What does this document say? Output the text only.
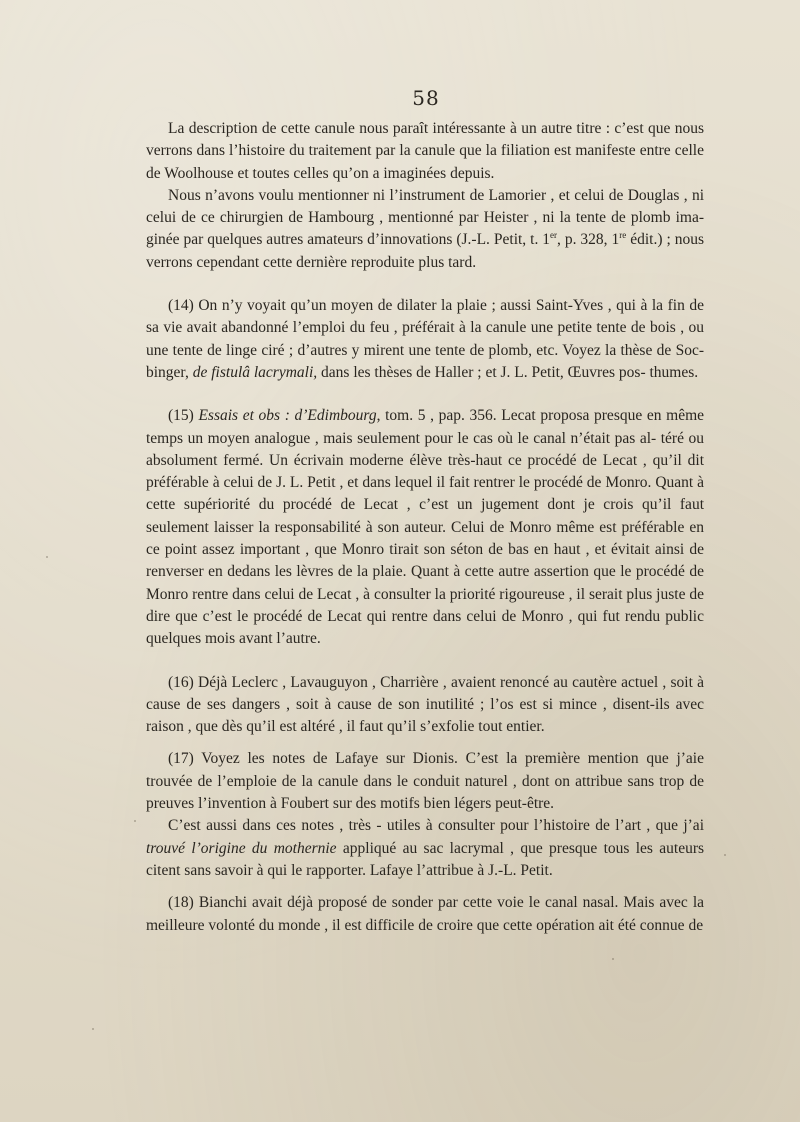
58

La description de cette canule nous paraît intéressante à un autre titre : c’est que nous verrons dans l’histoire du traitement par la canule que la filiation est manifeste entre celle de Woolhouse et toutes celles qu’on a imaginées depuis.

Nous n’avons voulu mentionner ni l’instrument de Lamorier , et celui de Douglas , ni celui de ce chirurgien de Hambourg , mentionné par Heister , ni la tente de plomb ima- ginée par quelques autres amateurs d’innovations (J.-L. Petit, t. 1er, p. 328, 1re édit.) ; nous verrons cependant cette dernière reproduite plus tard.

(14) On n’y voyait qu’un moyen de dilater la plaie ; aussi Saint-Yves , qui à la fin de sa vie avait abandonné l’emploi du feu , préférait à la canule une petite tente de bois , ou une tente de linge ciré ; d’autres y mirent une tente de plomb, etc. Voyez la thèse de Soc- binger, de fistulâ lacrymali, dans les thèses de Haller ; et J. L. Petit, Œuvres pos- thumes.

(15) Essais et obs : d’Edimbourg, tom. 5 , pap. 356. Lecat proposa presque en même temps un moyen analogue , mais seulement pour le cas où le canal n’était pas al- téré ou absolument fermé. Un écrivain moderne élève très-haut ce procédé de Lecat , qu’il dit préférable à celui de J. L. Petit , et dans lequel il fait rentrer le procédé de Monro. Quant à cette supériorité du procédé de Lecat , c’est un jugement dont je crois qu’il faut seulement laisser la responsabilité à son auteur. Celui de Monro même est préférable en ce point assez important , que Monro tirait son séton de bas en haut , et évitait ainsi de renverser en dedans les lèvres de la plaie. Quant à cette autre assertion que le procédé de Monro rentre dans celui de Lecat , à consulter la priorité rigoureuse , il serait plus juste de dire que c’est le procédé de Lecat qui rentre dans celui de Monro , qui fut rendu public quelques mois avant l’autre.

(16) Déjà Leclerc , Lavauguyon , Charrière , avaient renoncé au cautère actuel , soit à cause de ses dangers , soit à cause de son inutilité ; l’os est si mince , disent-ils avec raison , que dès qu’il est altéré , il faut qu’il s’exfolie tout entier.

(17) Voyez les notes de Lafaye sur Dionis. C’est la première mention que j’aie trouvée de l’emploie de la canule dans le conduit naturel , dont on attribue sans trop de preuves l’invention à Foubert sur des motifs bien légers peut-être.

C’est aussi dans ces notes , très - utiles à consulter pour l’histoire de l’art , que j’ai trouvé l’origine du mothernie appliqué au sac lacrymal , que presque tous les auteurs citent sans savoir à qui le rapporter. Lafaye l’attribue à J.-L. Petit.

(18) Bianchi avait déjà proposé de sonder par cette voie le canal nasal. Mais avec la meilleure volonté du monde , il est difficile de croire que cette opération ait été connue de
